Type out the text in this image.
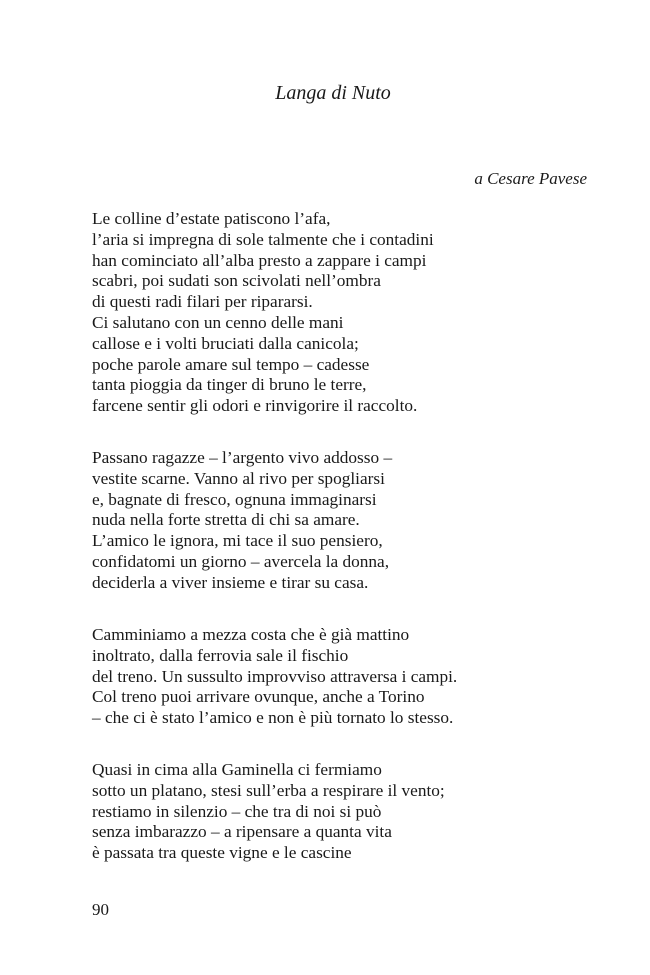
Langa di Nuto
a Cesare Pavese
Le colline d’estate patiscono l’afa,
l’aria si impregna di sole talmente che i contadini
han cominciato all’alba presto a zappare i campi
scabri, poi sudati son scivolati nell’ombra
di questi radi filari per ripararsi.
Ci salutano con un cenno delle mani
callose e i volti bruciati dalla canicola;
poche parole amare sul tempo – cadesse
tanta pioggia da tinger di bruno le terre,
farcene sentir gli odori e rinvigorire il raccolto.
Passano ragazze – l’argento vivo addosso –
vestite scarne. Vanno al rivo per spogliarsi
e, bagnate di fresco, ognuna immaginarsi
nuda nella forte stretta di chi sa amare.
L’amico le ignora, mi tace il suo pensiero,
confidatomi un giorno – avercela la donna,
deciderla a viver insieme e tirar su casa.
Camminiamo a mezza costa che è già mattino
inoltrato, dalla ferrovia sale il fischio
del treno. Un sussulto improvviso attraversa i campi.
Col treno puoi arrivare ovunque, anche a Torino
– che ci è stato l’amico e non è più tornato lo stesso.
Quasi in cima alla Gaminella ci fermiamo
sotto un platano, stesi sull’erba a respirare il vento;
restiamo in silenzio – che tra di noi si può
senza imbarazzo – a ripensare a quanta vita
è passata tra queste vigne e le cascine
90
